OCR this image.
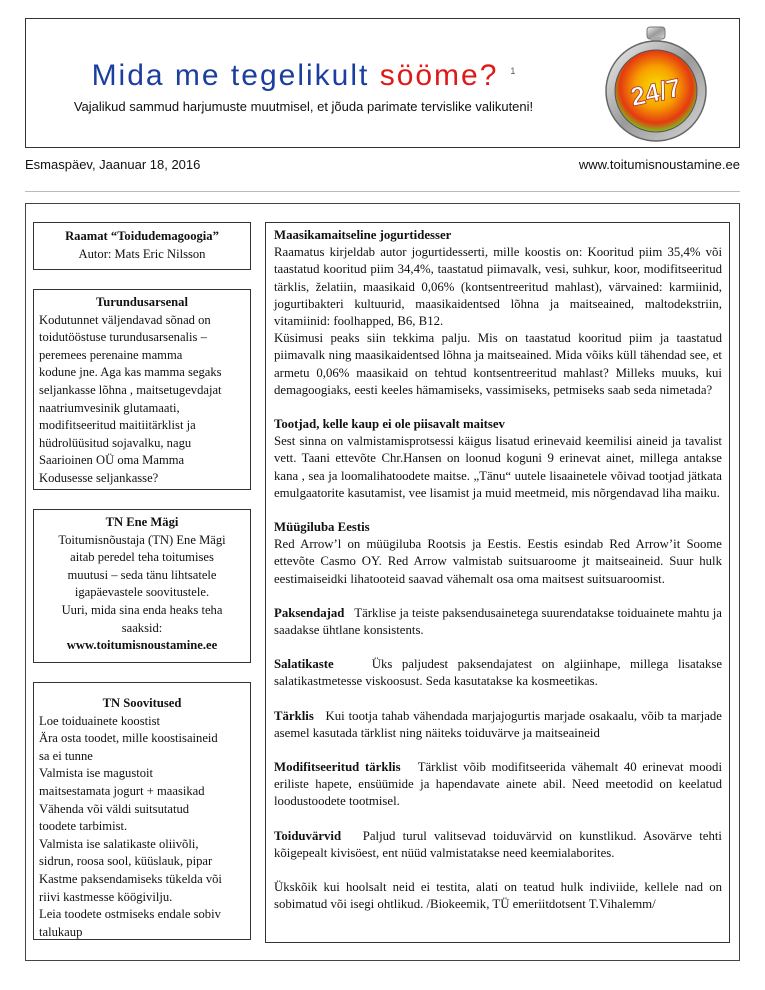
Mida me tegelikult sööme? $^1$
Vajalikud sammud harjumuste muutmisel, et jõuda parimate tervislike valikuteni!	24/7
Esmaspäev, Jaanuar 18, 2016	www.toitumisnoustamine.ee
Raamat “Toidudemagoogia”
Autor: Mats Eric Nilsson
Turundusarsenal
Kodutunnet väljendavad sõnad on
toidutööstuse turundusarsenalis –
peremees perenaine mamma
kodune jne. Aga kas mamma segaks
seljankasse lõhna , maitsetugevdajat
naatriumvesinik glutamaati,
modifitseeritud maitiitärklist ja
hüdrolüüsitud sojavalku, nagu
Saarioinen OÜ oma Mamma
Kodusesse seljankasse?
TN Ene Mägi
Toitumisnõustaja (TN) Ene Mägi
aitab peredel teha toitumises
muutusi – seda tänu lihtsatele
igapäevastele soovitustele.
Uuri, mida sina enda heaks teha
saaksid:
www.toitumisnoustamine.ee
TN Soovitused
Loe toiduainete koostist
Ära osta toodet, mille koostisaineid
sa ei tunne
Valmista ise magustoit
maitsestamata jogurt + maasikad
Vähenda või väldi suitsutatud
toodete tarbimist.
Valmista ise salatikaste oliivõli,
sidrun, roosa sool, küüslauk, pipar
Kastme paksendamiseks tükelda või
riivi kastmesse köögivilju.
Leia toodete ostmiseks endale sobiv
talukaup

Maasikamaitseline jogurtidesser

Raamatus kirjeldab autor jogurtidesserti, mille koostis on: Kooritud piim 35,4% või taastatud kooritud piim 34,4%, taastatud piimavalk, vesi, suhkur, koor, modifitseeritud tärklis, želatiin, maasikaid 0,06% (kontsentreeritud mahlast), värvained: karmiinid, jogurtibakteri kultuurid, maasikaidentsed lõhna ja maitseained, maltodekstriin, vitamiinid: foolhapped, B6, B12.

Küsimusi peaks siin tekkima palju. Mis on taastatud kooritud piim ja taastatud piimavalk ning maasikaidentsed lõhna ja maitseained. Mida võiks küll tähendad see, et armetu 0,06% maasikaid on tehtud kontsentreeritud mahlast? Milleks muuks, kui demagoogiaks, eesti keeles hämamiseks, vassimiseks, petmiseks saab seda nimetada?

Tootjad, kelle kaup ei ole piisavalt maitsev

Sest sinna on valmistamisprotsessi käigus lisatud erinevaid keemilisi aineid ja tavalist vett. Taani ettevõte Chr.Hansen on loonud koguni 9 erinevat ainet, millega antakse kana , sea ja loomalihatoodete maitse. „Tänu“ uutele lisaainetele võivad tootjad jätkata emulgaatorite kasutamist, vee lisamist ja muid meetmeid, mis nõrgendavad liha maiku.

Müügiluba Eestis

Red Arrow’l on müügiluba Rootsis ja Eestis. Eestis esindab Red Arrow’it Soome ettevõte Casmo OY. Red Arrow valmistab suitsuaroome jt maitseaineid. Suur hulk eestimaiseidki lihatooteid saavad vähemalt osa oma maitsest suitsuaroomist.

Paksendajad Tärklise ja teiste paksendusainetega suurendatakse toiduainete mahtu ja saadakse ühtlane konsistents.

Salatikaste	Üks paljudest paksendajatest on algiinhape, millega lisatakse salatikastmetesse viskoosust. Seda kasutatakse ka kosmeetikas.

Tärklis Kui tootja tahab vähendada marjajogurtis marjade osakaalu, võib ta marjade asemel kasutada tärklist ning näiteks toiduvärve ja maitseaineid

Modifitseeritud tärklis Tärklist võib modifitseerida vähemalt 40 erinevat moodi eriliste hapete, ensüümide ja hapendavate ainete abil. Need meetodid on keelatud loodustoodete tootmisel.

Toiduvärvid Paljud turul valitsevad toiduvärvid on kunstlikud. Asovärve tehti kõigepealt kivisöest, ent nüüd valmistatakse need keemialaborites.

Ükskõik kui hoolsalt neid ei testita, alati on teatud hulk indiviide, kellele nad on sobimatud või isegi ohtlikud. /Biokeemik, TÜ emeriitdotsent T.Vihalemm/
